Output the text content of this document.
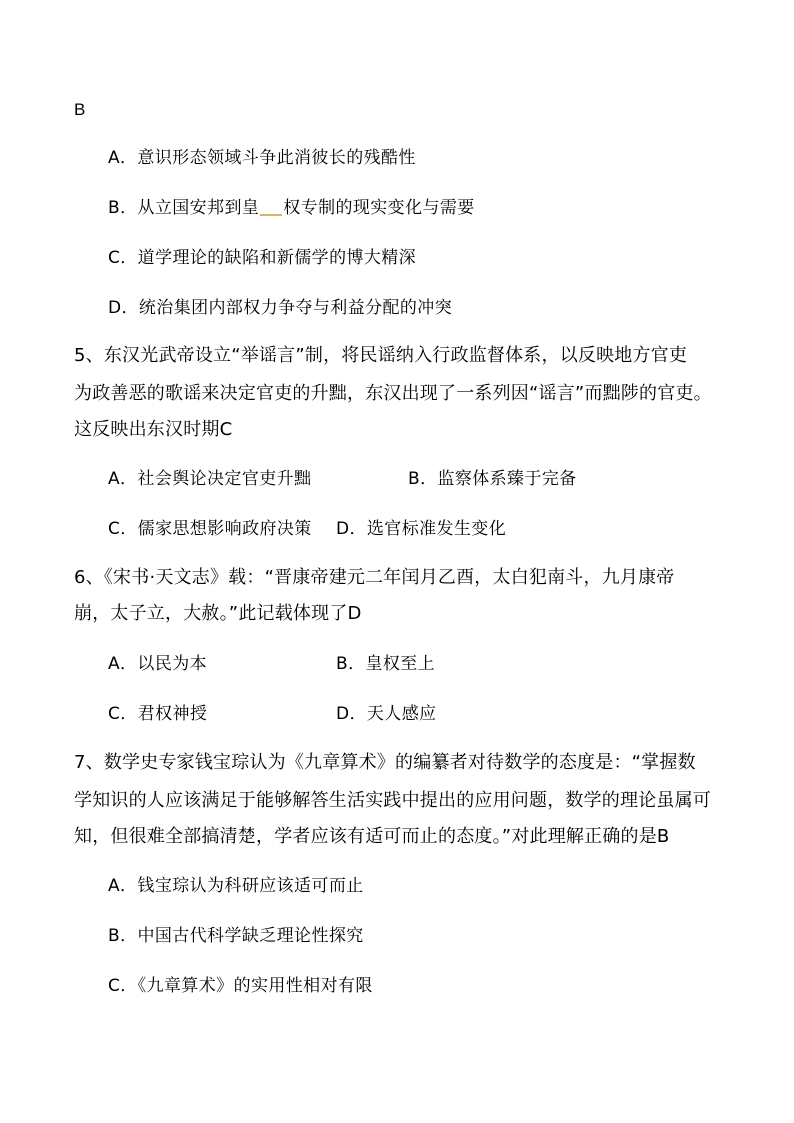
B
A．意识形态领域斗争此消彼长的残酷性
B．从立国安邦到皇 权专制的现实变化与需要
C．道学理论的缺陷和新儒学的博大精深
D．统治集团内部权力争夺与利益分配的冲突
5、东汉光武帝设立“举谣言”制，将民谣纳入行政监督体系，以反映地方官吏
为政善恶的歌谣来决定官吏的升黜，东汉出现了一系列因“谣言”而黜陟的官吏。
这反映出东汉时期C
A．社会舆论决定官吏升黜	B．监察体系臻于完备
C．儒家思想影响政府决策 D．选官标准发生变化
6、《宋书·天文志》载：“晋康帝建元二年闰月乙酉，太白犯南斗，九月康帝
崩，太子立，大赦。”此记载体现了D
A．以民为本	B．皇权至上
C．君权神授	D．天人感应
7、数学史专家钱宝琮认为《九章算术》的编纂者对待数学的态度是：“掌握数
学知识的人应该满足于能够解答生活实践中提出的应用问题，数学的理论虽属可
知，但很难全部搞清楚，学者应该有适可而止的态度。”对此理解正确的是B
A．钱宝琮认为科研应该适可而止
B．中国古代科学缺乏理论性探究
C．《九章算术》的实用性相对有限
